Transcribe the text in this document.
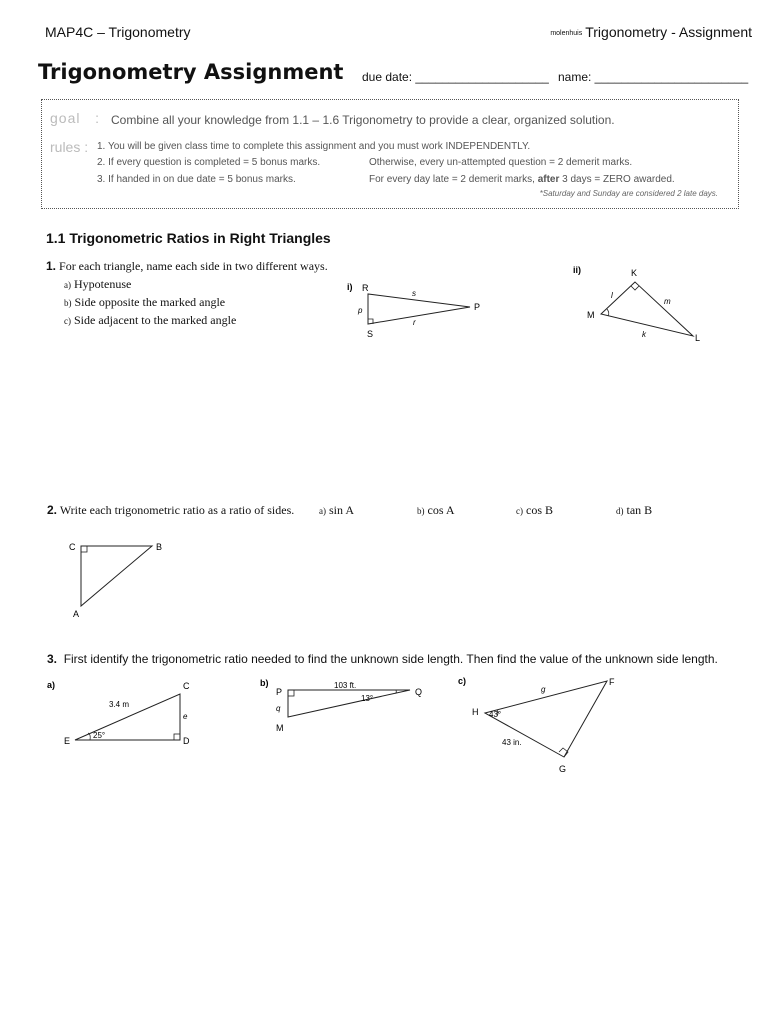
MAP4C – Trigonometry	molenhuis Trigonometry - Assignment
Trigonometry Assignment due date: ____________________ name: _______________________
goal : Combine all your knowledge from 1.1 – 1.6 Trigonometry to provide a clear, organized solution.
rules : 1. You will be given class time to complete this assignment and you must work INDEPENDENTLY.
2. If every question is completed = 5 bonus marks.	Otherwise, every un-attempted question = 2 demerit marks.
3. If handed in on due date = 5 bonus marks.	For every day late = 2 demerit marks, after 3 days = ZERO awarded.
*Saturday and Sunday are considered 2 late days.
1.1 Trigonometric Ratios in Right Triangles
1. For each triangle, name each side in two different ways.
a) Hypotenuse
b) Side opposite the marked angle
c) Side adjacent to the marked angle
i) R
S
P
s
p
r
ii)	K
M
L
l
m
k
C	B
A
a)	C
D
E
e
3.4 m
25°
b)
P	Q
M
q
103 ft.
13°
c)	F
G
H
g
43 in.
43°
2. Write each trigonometric ratio as a ratio of sides.	a) sin A	b) cos A	c) cos B	d) tan B
3. First identify the trigonometric ratio needed to find the unknown side length. Then find the value of the unknown side length.
